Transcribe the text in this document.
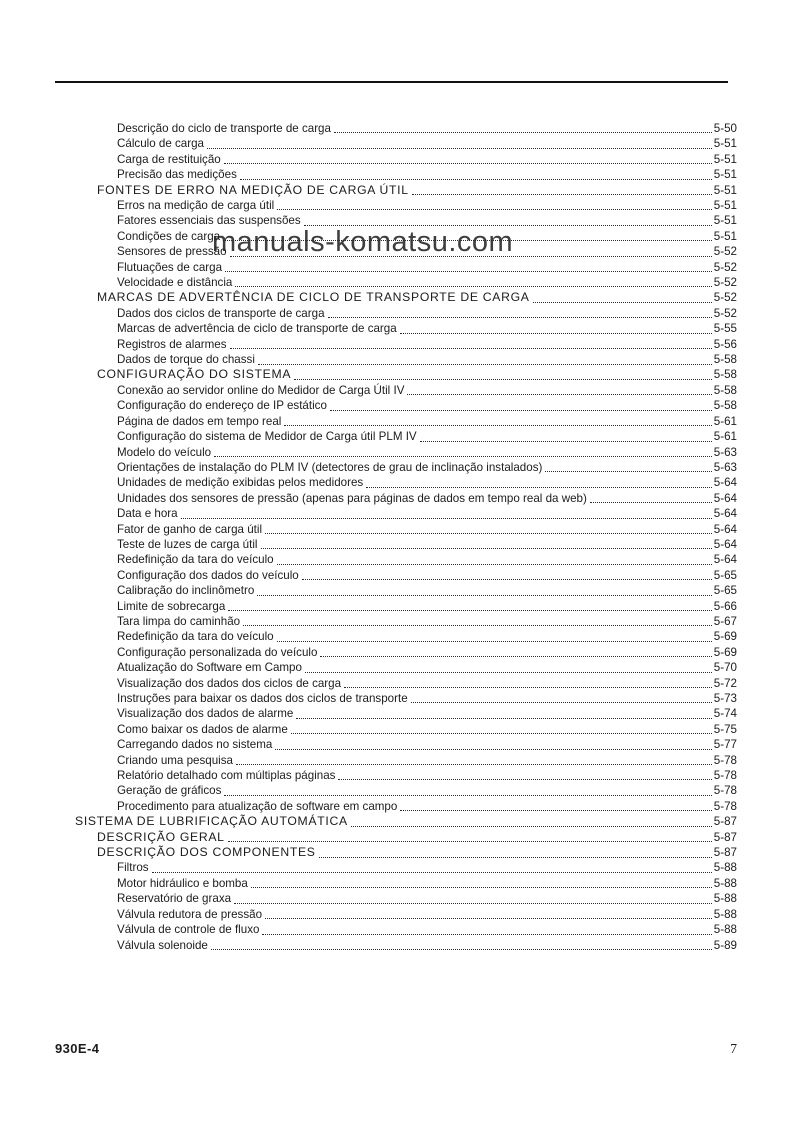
Descrição do ciclo de transporte de carga	5-50
Cálculo de carga	5-51
Carga de restituição	5-51
Precisão das medições	5-51
FONTES DE ERRO NA MEDIÇÃO DE CARGA ÚTIL	5-51
Erros na medição de carga útil	5-51
Fatores essenciais das suspensões	5-51
Condições de carga	5-51
Sensores de pressão	5-52
Flutuações de carga	5-52
Velocidade e distância	5-52
MARCAS DE ADVERTÊNCIA DE CICLO DE TRANSPORTE DE CARGA	5-52
Dados dos ciclos de transporte de carga	5-52
Marcas de advertência de ciclo de transporte de carga	5-55
Registros de alarmes	5-56
Dados de torque do chassi	5-58
CONFIGURAÇÃO DO SISTEMA	5-58
Conexão ao servidor online do Medidor de Carga Útil IV	5-58
Configuração do endereço de IP estático	5-58
Página de dados em tempo real	5-61
Configuração do sistema de Medidor de Carga útil PLM IV	5-61
Modelo do veículo	5-63
Orientações de instalação do PLM IV (detectores de grau de inclinação instalados)	5-63
Unidades de medição exibidas pelos medidores	5-64
Unidades dos sensores de pressão (apenas para páginas de dados em tempo real da web)	5-64
Data e hora	5-64
Fator de ganho de carga útil	5-64
Teste de luzes de carga útil	5-64
Redefinição da tara do veículo	5-64
Configuração dos dados do veículo	5-65
Calibração do inclinômetro	5-65
Limite de sobrecarga	5-66
Tara limpa do caminhão	5-67
Redefinição da tara do veículo	5-69
Configuração personalizada do veículo	5-69
Atualização do Software em Campo	5-70
Visualização dos dados dos ciclos de carga	5-72
Instruções para baixar os dados dos ciclos de transporte	5-73
Visualização dos dados de alarme	5-74
Como baixar os dados de alarme	5-75
Carregando dados no sistema	5-77
Criando uma pesquisa	5-78
Relatório detalhado com múltiplas páginas	5-78
Geração de gráficos	5-78
Procedimento para atualização de software em campo	5-78
SISTEMA DE LUBRIFICAÇÃO AUTOMÁTICA	5-87
DESCRIÇÃO GERAL	5-87
DESCRIÇÃO DOS COMPONENTES	5-87
Filtros	5-88
Motor hidráulico e bomba	5-88
Reservatório de graxa	5-88
Válvula redutora de pressão	5-88
Válvula de controle de fluxo	5-88
Válvula solenoide	5-89
manuals-komatsu.com
930E-4	7
